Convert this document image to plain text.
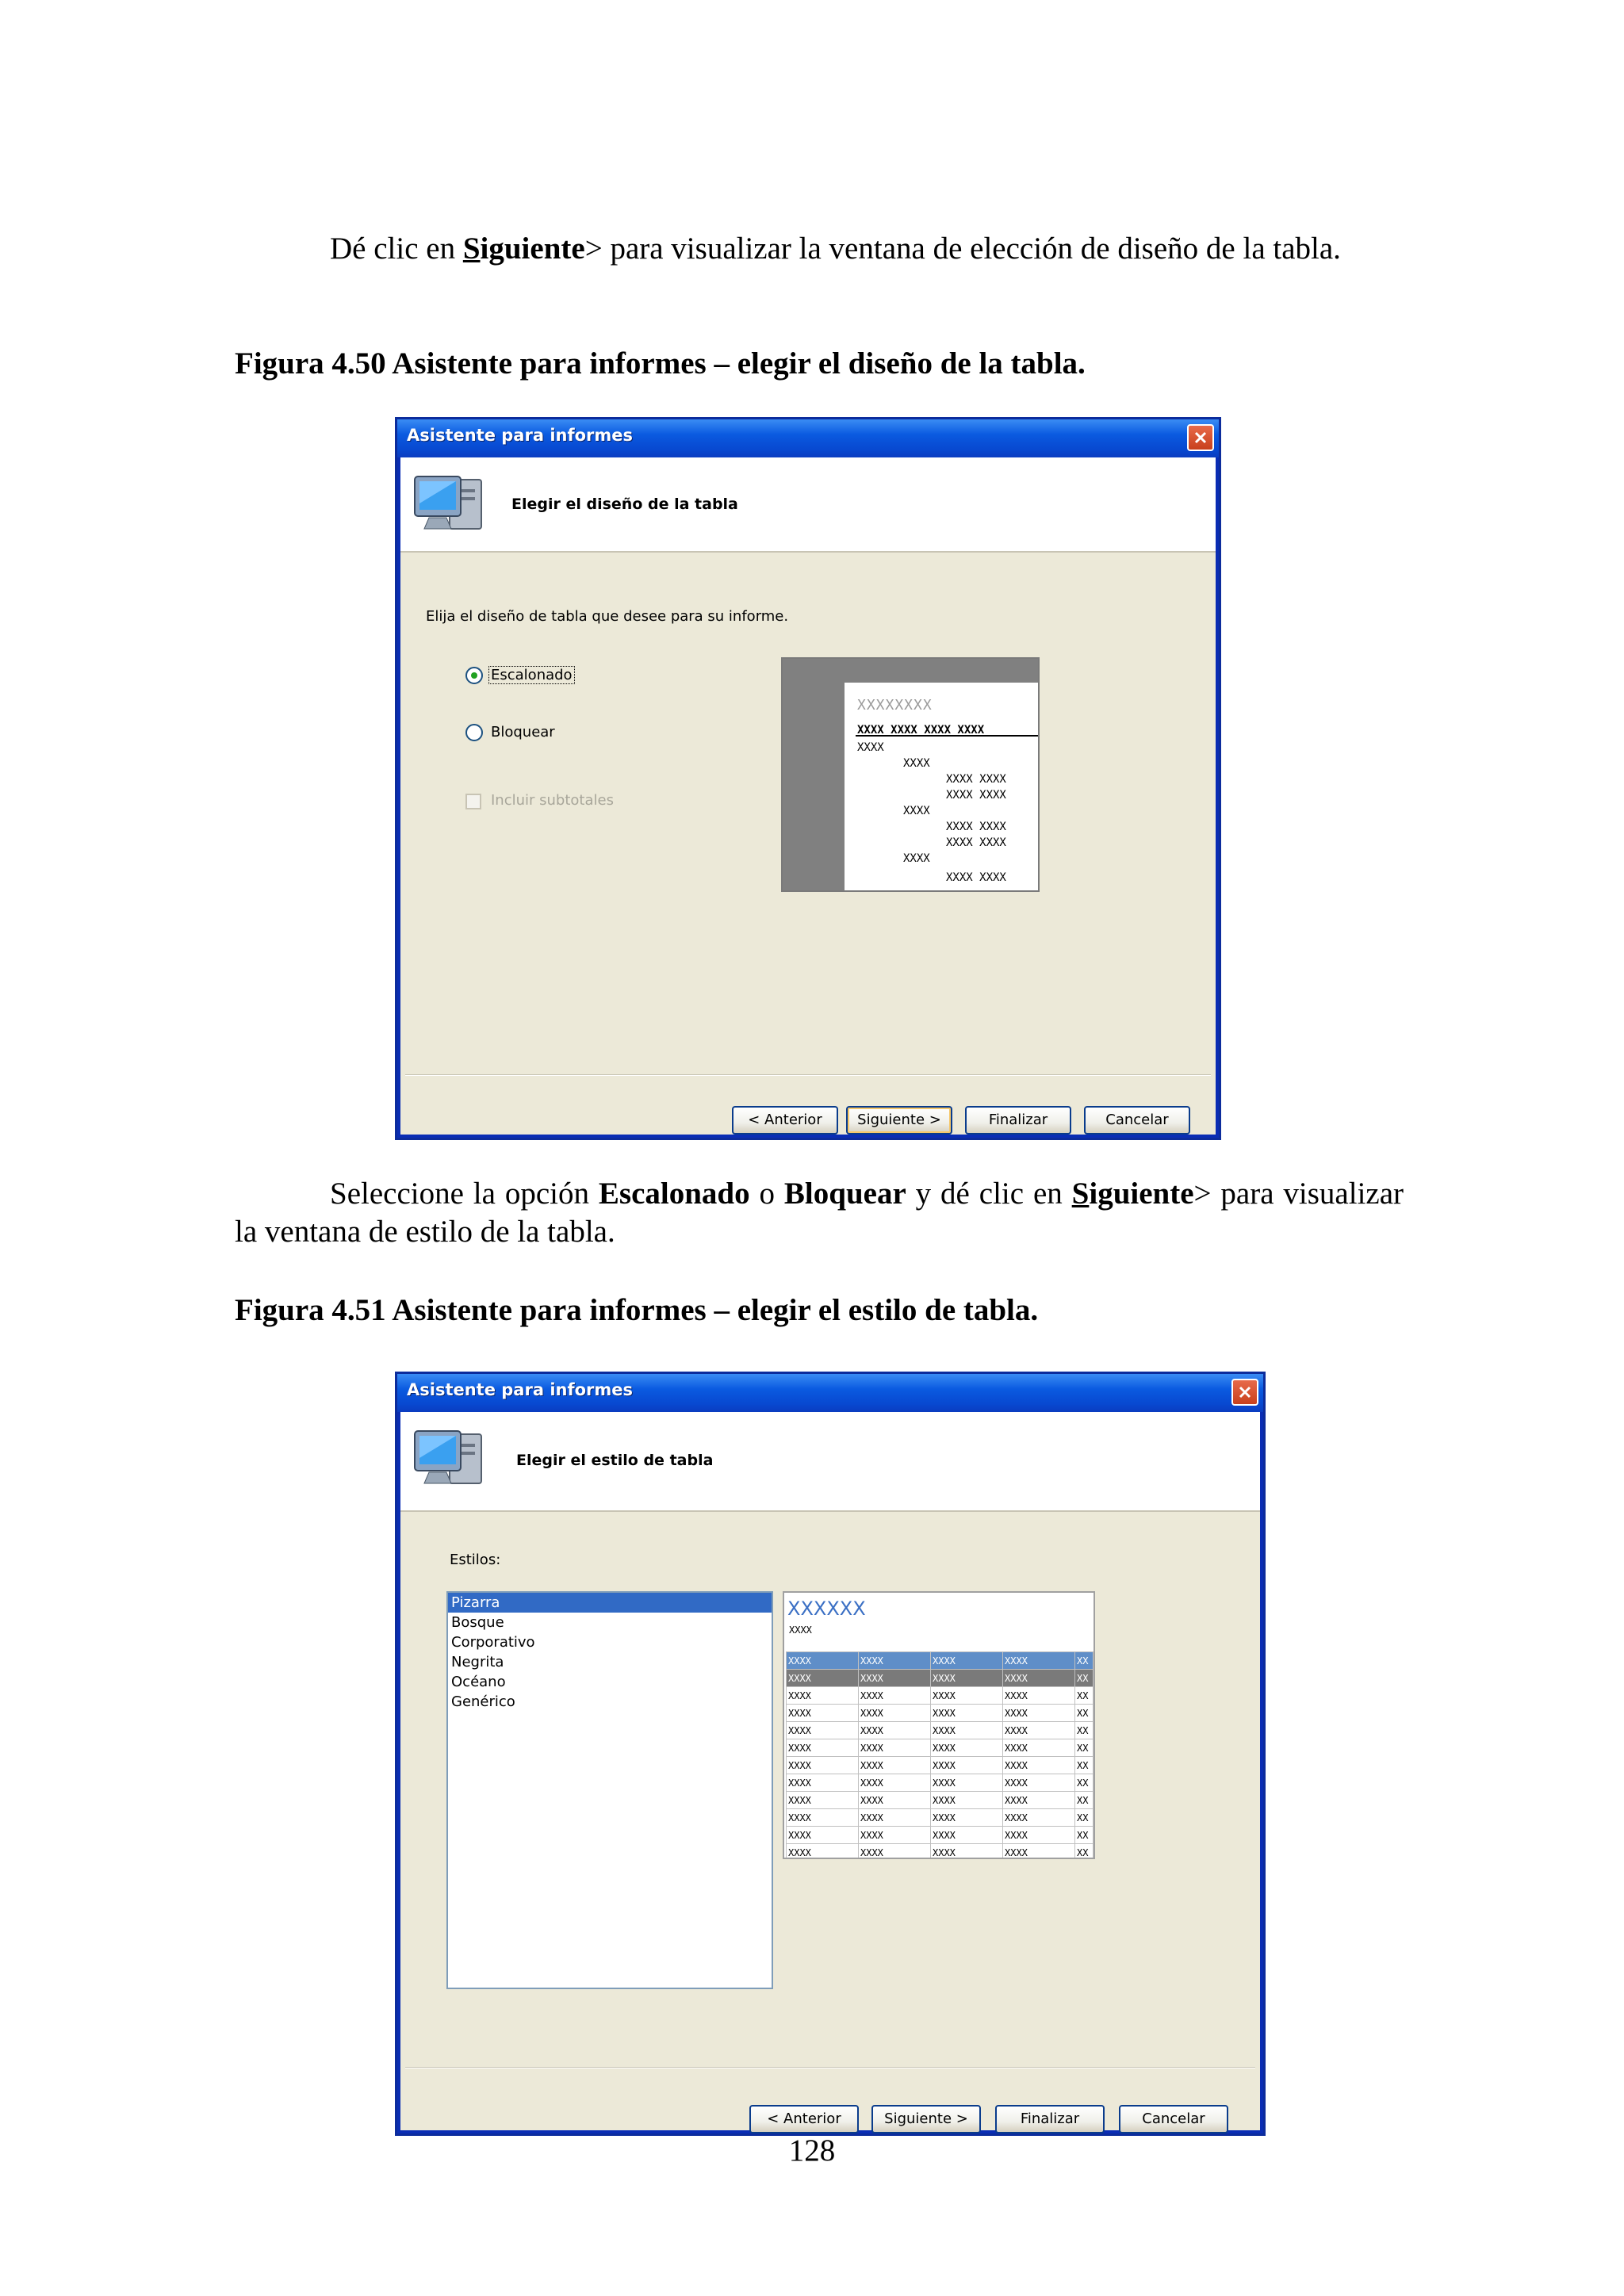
Dé clic en Siguiente> para visualizar la ventana de elección de diseño de la tabla.
Figura 4.50 Asistente para informes – elegir el diseño de la tabla.
Asistente para informes
Elegir el diseño de la tabla
Elija el diseño de tabla que desee para su informe.
Escalonado
Bloquear
Incluir subtotales
XXXXXXXX
XXXX XXXX XXXX XXXX
XXXX
XXXX
XXXX XXXX
XXXX XXXX
XXXX
XXXX XXXX
XXXX XXXX
XXXX
XXXX XXXX
< Anterior	Siguiente >	Finalizar	Cancelar
Seleccione la opción Escalonado o Bloquear y dé clic en Siguiente> para visualizar la ventana de estilo de la tabla.
Figura 4.51 Asistente para informes – elegir el estilo de tabla.
Asistente para informes
Elegir el estilo de tabla
Estilos:
Pizarra
Bosque
Corporativo
Negrita
Océano
Genérico
XXXXXX
XXXX
XXXX	XXXX	XXXX	XXXX	XX
XXXX	XXXX	XXXX	XXXX	XX
XXXX	XXXX	XXXX	XXXX	XX
XXXX	XXXX	XXXX	XXXX	XX
XXXX	XXXX	XXXX	XXXX	XX
XXXX	XXXX	XXXX	XXXX	XX
XXXX	XXXX	XXXX	XXXX	XX
XXXX	XXXX	XXXX	XXXX	XX
XXXX	XXXX	XXXX	XXXX	XX
XXXX	XXXX	XXXX	XXXX	XX
XXXX	XXXX	XXXX	XXXX	XX
XXXX	XXXX	XXXX	XXXX	XX
< Anterior	Siguiente >	Finalizar	Cancelar
128
